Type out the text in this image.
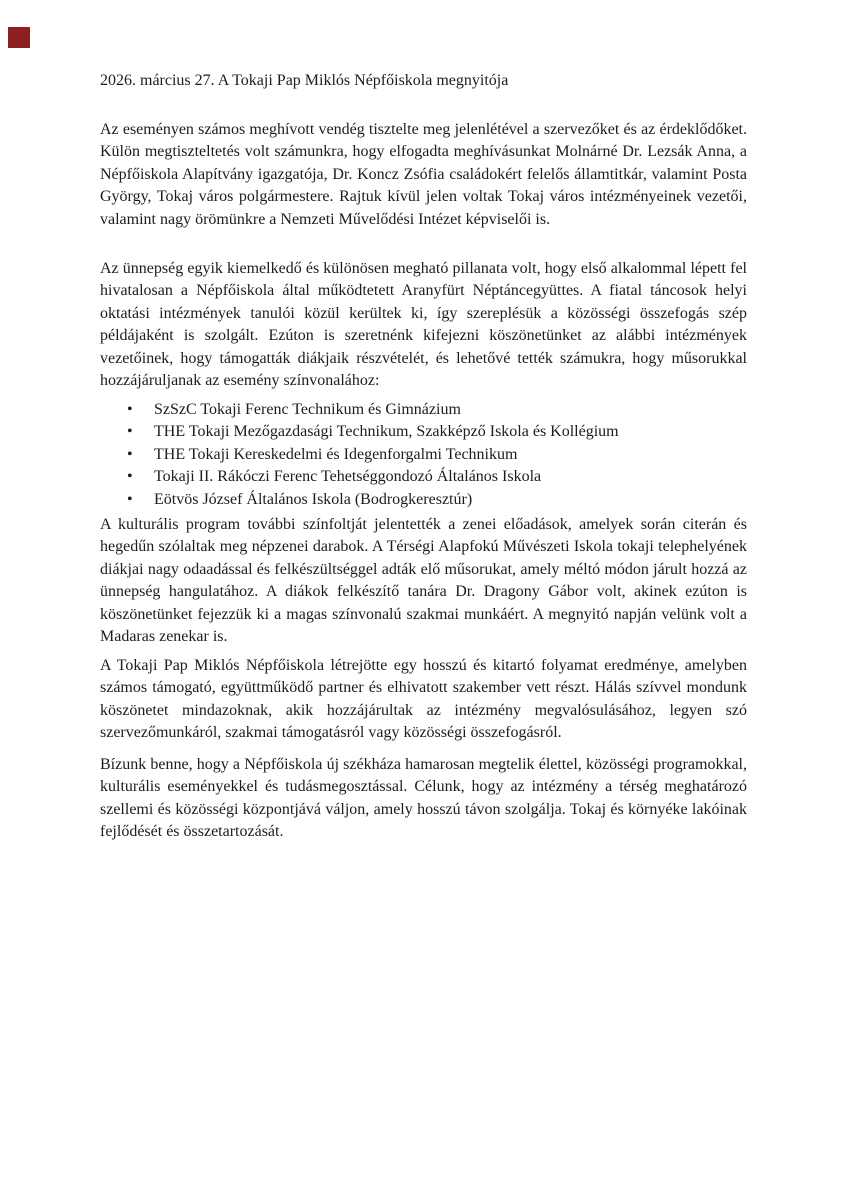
2026. március 27. A Tokaji Pap Miklós Népfőiskola megnyitója

Az eseményen számos meghívott vendég tisztelte meg jelenlétével a szervezőket és az érdeklődőket. Külön megtiszteltetés volt számunkra, hogy elfogadta meghívásunkat Molnárné Dr. Lezsák Anna, a Népfőiskola Alapítvány igazgatója, Dr. Koncz Zsófia családokért felelős államtitkár, valamint Posta György, Tokaj város polgármestere. Rajtuk kívül jelen voltak Tokaj város intézményeinek vezetői, valamint nagy örömünkre a Nemzeti Művelődési Intézet képviselői is.

Az ünnepség egyik kiemelkedő és különösen megható pillanata volt, hogy első alkalommal lépett fel hivatalosan a Népfőiskola által működtetett Aranyfürt Néptáncegyüttes. A fiatal táncosok helyi oktatási intézmények tanulói közül kerültek ki, így szereplésük a közösségi összefogás szép példájaként is szolgált. Ezúton is szeretnénk kifejezni köszönetünket az alábbi intézmények vezetőinek, hogy támogatták diákjaik részvételét, és lehetővé tették számukra, hogy műsorukkal hozzájáruljanak az esemény színvonalához:

• SzSzC Tokaji Ferenc Technikum és Gimnázium
• THE Tokaji Mezőgazdasági Technikum, Szakképző Iskola és Kollégium
• THE Tokaji Kereskedelmi és Idegenforgalmi Technikum
• Tokaji II. Rákóczi Ferenc Tehetséggondozó Általános Iskola
• Eötvös József Általános Iskola (Bodrogkeresztúr)

A kulturális program további színfoltját jelentették a zenei előadások, amelyek során citerán és hegedűn szólaltak meg népzenei darabok. A Térségi Alapfokú Művészeti Iskola tokaji telephelyének diákjai nagy odaadással és felkészültséggel adták elő műsorukat, amely méltó módon járult hozzá az ünnepség hangulatához. A diákok felkészítő tanára Dr. Dragony Gábor volt, akinek ezúton is köszönetünket fejezzük ki a magas színvonalú szakmai munkáért. A megnyitó napján velünk volt a Madaras zenekar is.

A Tokaji Pap Miklós Népfőiskola létrejötte egy hosszú és kitartó folyamat eredménye, amelyben számos támogató, együttműködő partner és elhivatott szakember vett részt. Hálás szívvel mondunk köszönetet mindazoknak, akik hozzájárultak az intézmény megvalósulásához, legyen szó szervezőmunkáról, szakmai támogatásról vagy közösségi összefogásról.

Bízunk benne, hogy a Népfőiskola új székháza hamarosan megtelik élettel, közösségi programokkal, kulturális eseményekkel és tudásmegosztással. Célunk, hogy az intézmény a térség meghatározó szellemi és közösségi központjává váljon, amely hosszú távon szolgálja. Tokaj és környéke lakóinak fejlődését és összetartozását.
